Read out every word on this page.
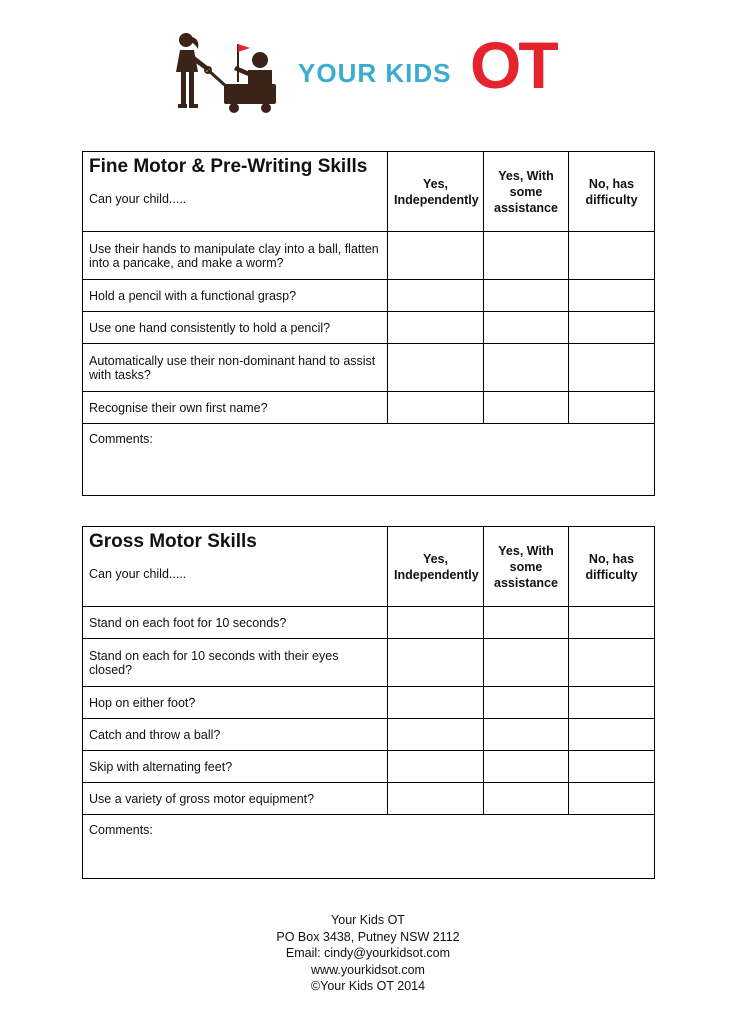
YOUR KIDS OT
Fine Motor & Pre-Writing Skills
Can your child.....	Yes, Independently	Yes, With some assistance	No, has difficulty
Use their hands to manipulate clay into a ball, flatten into a pancake, and make a worm?			
Hold a pencil with a functional grasp?			
Use one hand consistently to hold a pencil?			
Automatically use their non-dominant hand to assist with tasks?			
Recognise their own first name?			
Comments:			
Gross Motor Skills
Can your child.....	Yes, Independently	Yes, With some assistance	No, has difficulty
Stand on each foot for 10 seconds?			
Stand on each for 10 seconds with their eyes closed?			
Hop on either foot?			
Catch and throw a ball?			
Skip with alternating feet?			
Use a variety of gross motor equipment?			
Comments:			
Your Kids OT
PO Box 3438, Putney NSW 2112
Email: cindy@yourkidsot.com
www.yourkidsot.com
©Your Kids OT 2014
